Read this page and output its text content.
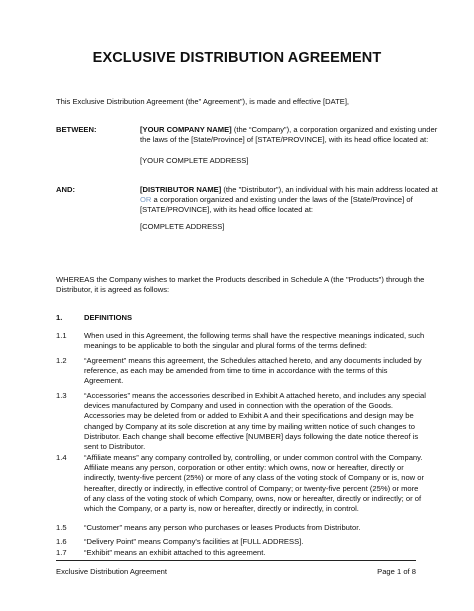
EXCLUSIVE DISTRIBUTION AGREEMENT
This Exclusive Distribution Agreement (the” Agreement”), is made and effective [DATE],
BETWEEN:	[YOUR COMPANY NAME] (the “Company”), a corporation organized and existing under the laws of the [State/Province] of [STATE/PROVINCE], with its head office located at:
[YOUR COMPLETE ADDRESS]
AND:	[DISTRIBUTOR NAME] (the "Distributor"), an individual with his main address located at OR a corporation organized and existing under the laws of the [State/Province] of [STATE/PROVINCE], with its head office located at:
[COMPLETE ADDRESS]
WHEREAS the Company wishes to market the Products described in Schedule A (the "Products") through the Distributor, it is agreed as follows:
1.	DEFINITIONS
1.1 When used in this Agreement, the following terms shall have the respective meanings indicated, such meanings to be applicable to both the singular and plural forms of the terms defined:
1.2 “Agreement” means this agreement, the Schedules attached hereto, and any documents included by reference, as each may be amended from time to time in accordance with the terms of this Agreement.
1.3 “Accessories” means the accessories described in Exhibit A attached hereto, and includes any special devices manufactured by Company and used in connection with the operation of the Goods. Accessories may be deleted from or added to Exhibit A and their specifications and design may be changed by Company at its sole discretion at any time by mailing written notice of such changes to Distributor. Each change shall become effective [NUMBER] days following the date notice thereof is sent to Distributor.
1.4 “Affiliate means” any company controlled by, controlling, or under common control with the Company. Affiliate means any person, corporation or other entity: which owns, now or hereafter, directly or indirectly, twenty-five percent (25%) or more of any class of the voting stock of Company or is, now or hereafter, directly or indirectly, in effective control of Company; or twenty-five percent (25%) or more of any class of the voting stock of which Company, owns, now or hereafter, directly or indirectly; or of which the Company, or a party is, now or hereafter, directly or indirectly, in control.
1.5 “Customer” means any person who purchases or leases Products from Distributor.
1.6 “Delivery Point” means Company's facilities at [FULL ADDRESS].
1.7 “Exhibit” means an exhibit attached to this agreement.
Exclusive Distribution Agreement	Page 1 of 8
